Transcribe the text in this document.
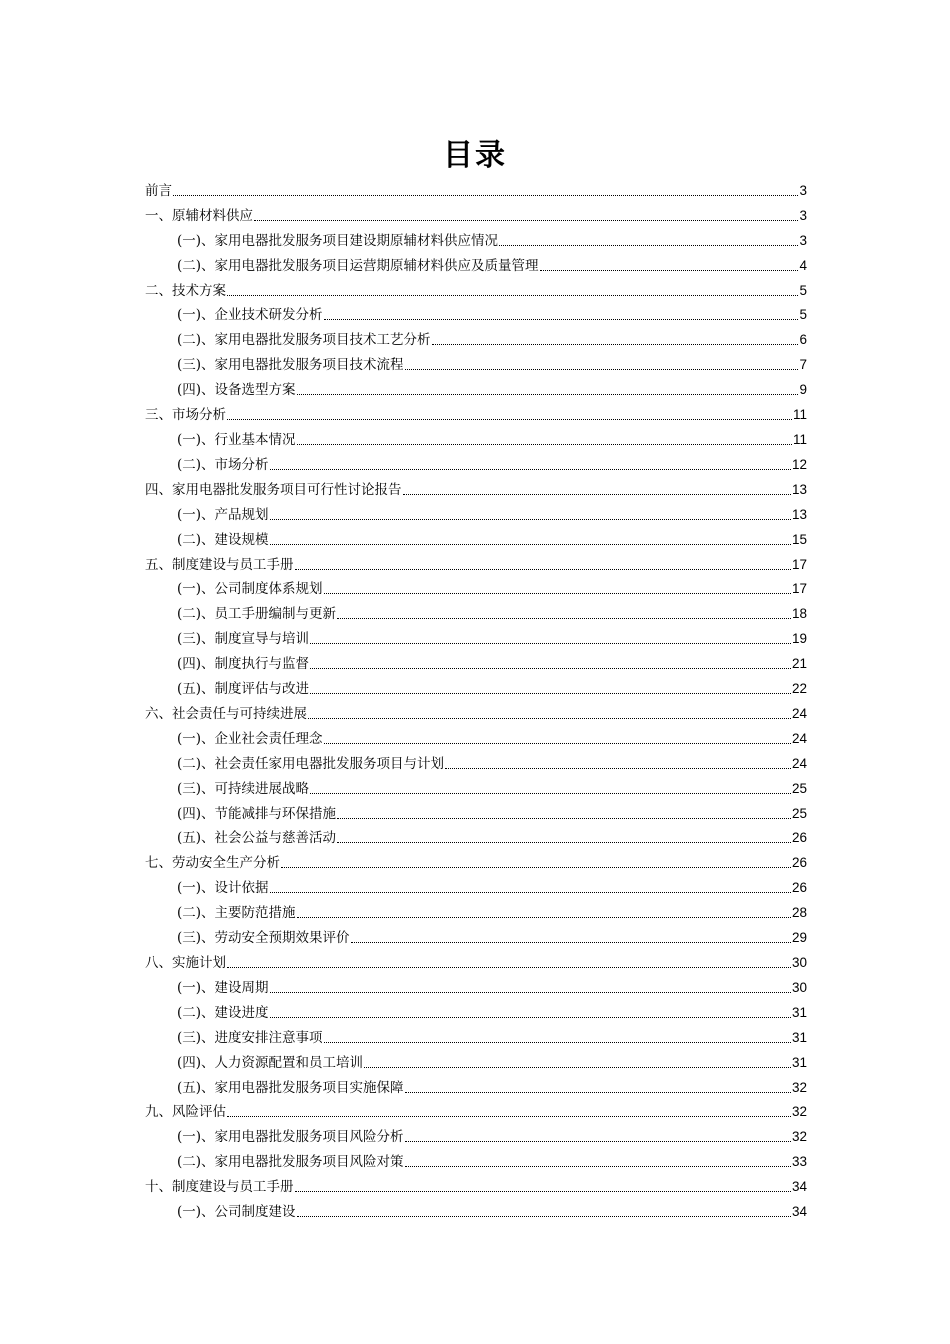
目录
前言	3
一、原辅材料供应	3
(一)、家用电器批发服务项目建设期原辅材料供应情况	3
(二)、家用电器批发服务项目运营期原辅材料供应及质量管理	4
二、技术方案	5
(一)、企业技术研发分析	5
(二)、家用电器批发服务项目技术工艺分析	6
(三)、家用电器批发服务项目技术流程	7
(四)、设备选型方案	9
三、市场分析	11
(一)、行业基本情况	11
(二)、市场分析	12
四、家用电器批发服务项目可行性讨论报告	13
(一)、产品规划	13
(二)、建设规模	15
五、制度建设与员工手册	17
(一)、公司制度体系规划	17
(二)、员工手册编制与更新	18
(三)、制度宣导与培训	19
(四)、制度执行与监督	21
(五)、制度评估与改进	22
六、社会责任与可持续进展	24
(一)、企业社会责任理念	24
(二)、社会责任家用电器批发服务项目与计划	24
(三)、可持续进展战略	25
(四)、节能减排与环保措施	25
(五)、社会公益与慈善活动	26
七、劳动安全生产分析	26
(一)、设计依据	26
(二)、主要防范措施	28
(三)、劳动安全预期效果评价	29
八、实施计划	30
(一)、建设周期	30
(二)、建设进度	31
(三)、进度安排注意事项	31
(四)、人力资源配置和员工培训	31
(五)、家用电器批发服务项目实施保障	32
九、风险评估	32
(一)、家用电器批发服务项目风险分析	32
(二)、家用电器批发服务项目风险对策	33
十、制度建设与员工手册	34
(一)、公司制度建设	34
